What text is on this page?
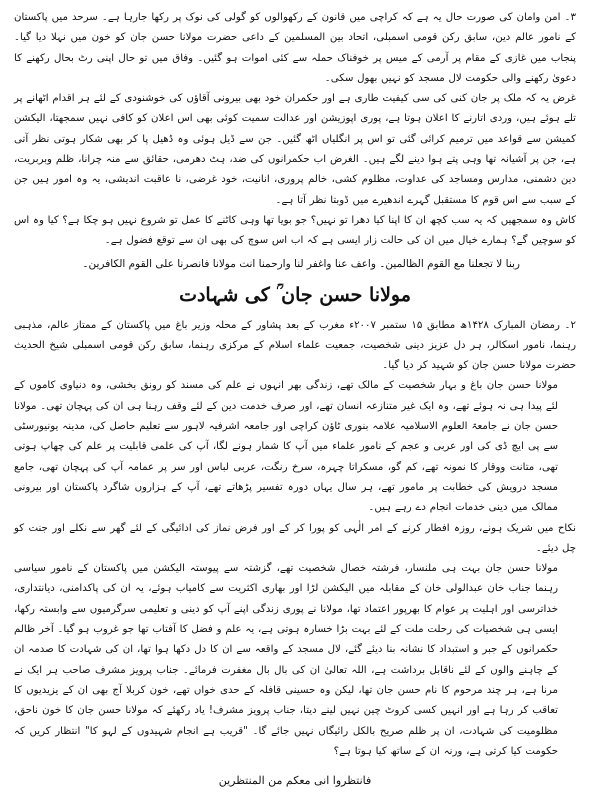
۳۔ امن وامان کی صورت حال یہ ہے کہ کراچی میں قانون کے رکھوالوں کو گولی کی نوک پر رکھا جارہا ہے۔ سرحد میں پاکستان کے نامور عالم دین، سابق رکن قومی اسمبلی، اتحاد بین المسلمین کے داعی حضرت مولانا حسن جان کو خون میں نہلا دیا گیا۔ پنجاب میں غازی کے مقام پر آرمی کے میس پر خوفناک حملہ سے کئی اموات ہو گئیں۔ وفاق میں تو حال اپنی رٹ بحال رکھنے کا دعویٰ رکھنے والی حکومت لال مسجد کو نہیں بھول سکی۔

غرض یہ کہ ملک پر جان کنی کی سی کیفیت طاری ہے اور حکمران خود بھی بیرونی آقاؤں کی خوشنودی کے لئے ہر اقدام اٹھانے پر تلے ہوئے ہیں، وردی اتارنے کا اعلان ہوتا ہے، پوری اپوزیشن اور عدالت سمیت کوئی بھی اس اعلان کو کافی نہیں سمجھتا، الیکشن کمیشن سے قواعد میں ترمیم کرائی گئی تو اس پر انگلیاں اٹھ گئیں۔ جن سے ڈیل ہوئی وہ ڈھیل پا کر بھی شکار ہوتی نظر آتی ہے، جن پر آشیانہ تھا وہی پتے ہوا دینے لگے ہیں۔ الغرض اب حکمرانوں کی ضد، ہٹ دھرمی، حقائق سے منہ چرانا، ظلم وبربریت، دین دشمنی، مدارس ومساجد کی عداوت، مظلوم کشی، خالم پروری، انانیت، خود غرضی، نا عاقبت اندیشی، یہ وہ امور ہیں جن کے سبب سے اس قوم کا مستقبل گہرے اندھیرے میں ڈوبتا نظر آتا ہے۔

کاش وہ سمجھیں کہ یہ سب کچھ ان کا اپنا کیا دھرا تو نہیں؟ جو بویا تھا وہی کاٹنے کا عمل تو شروع نہیں ہو چکا ہے؟ کیا وہ اس کو سوچیں گے؟ ہمارے خیال میں ان کی حالت زار ایسی ہے کہ اب اس سوچ کی بھی ان سے توقع فضول ہے۔

ربنا لا تجعلنا مع القوم الظالمین۔ واعف عنا واغفر لنا وارحمنا انت مولانا فانصرنا علی القوم الکافرین۔

مولانا حسن جان ؒ کی شہادت

۲۔ رمضان المبارک ۱۴۲۸ھ مطابق ۱۵ ستمبر ۲۰۰۷ء مغرب کے بعد پشاور کے محلہ وزیر باغ میں پاکستان کے ممتاز عالم، مذہبی رہنما، نامور اسکالر، ہر دل عزیز دینی شخصیت، جمعیت علماء اسلام کے مرکزی رہنما، سابق رکن قومی اسمبلی شیخ الحدیث حضرت مولانا حسن جان کو شہید کر دیا گیا۔

مولانا حسن جان باغ و بہار شخصیت کے مالک تھے، زندگی بھر انہوں نے علم کی مسند کو رونق بخشی، وہ دنیاوی کاموں کے لئے پیدا ہی نہ ہوئے تھے، وہ ایک غیر متنازعہ انسان تھے، اور صرف خدمت دین کے لئے وقف رہنا ہی ان کی پہچان تھی۔ مولانا حسن جان نے جامعۃ العلوم الاسلامیہ علامہ بنوری ٹاؤن کراچی اور جامعہ اشرفیہ لاہور سے تعلیم حاصل کی، مدینہ یونیورسٹی سے پی ایچ ڈی کی اور عربی و عجم کے نامور علماء میں آپ کا شمار ہونے لگا، آپ کی علمی قابلیت پر علم کی چھاپ ہوتی تھی، متانت ووقار کا نمونہ تھے، کم گو، مسکراتا چہرہ، سرخ رنگت، عربی لباس اور سر پر عمامہ آپ کی پہچان تھی، جامع مسجد درویش کی خطابت پر مامور تھے، ہر سال یہاں دورہ تفسیر پڑھاتے تھے، آپ کے ہزاروں شاگرد پاکستان اور بیرونی ممالک میں دینی خدمات انجام دے رہے ہیں۔

نکاح میں شریک ہونے، روزہ افطار کرنے کے امر الٰہی کو پورا کر کے اور فرض نماز کی ادائیگی کے لئے گھر سے نکلے اور جنت کو چل دیئے۔

مولانا حسن جان بہت ہی ملنسار، فرشتہ خصال شخصیت تھے، گزشتہ سے پیوستہ الیکشن میں پاکستان کے نامور سیاسی رہنما جناب خان عبدالولی خان کے مقابلہ میں الیکشن لڑا اور بھاری اکثریت سے کامیاب ہوئے، یہ ان کی پاکدامنی، دیانتداری، خداترسی اور اہلیت پر عوام کا بھرپور اعتماد تھا، مولانا نے پوری زندگی اپنے آپ کو دینی و تعلیمی سرگرمیوں سے وابستہ رکھا، ایسی ہی شخصیات کی رحلت ملت کے لئے بہت بڑا خسارہ ہوتی ہے، یہ علم و فضل کا آفتاب تھا جو غروب ہو گیا۔ آخر ظالم حکمرانوں کے جبر و استبداد کا نشانہ بنا دیئے گئے، لال مسجد کے واقعہ سے ان کا دل دکھا ہوا تھا، ان کی شہادت کا صدمہ ان کے چاہنے والوں کے لئے ناقابل برداشت ہے، اللہ تعالیٰ ان کی بال بال مغفرت فرمائے۔ جناب پرویز مشرف صاحب ہر ایک نے مرنا ہے، ہر چند مرحوم کا نام حسن جان تھا، لیکن وہ حسینی قافلہ کے حدی خواں تھے، خون کربلا آج بھی ان کے یزیدیوں کا تعاقب کر رہا ہے اور انہیں کسی کروٹ چین نہیں لینے دیتا، جناب پرویز مشرف! یاد رکھئے کہ مولانا حسن جان کا خون ناحق، مظلومیت کی شہادت، ان پر ظلم صریح بالکل رائیگاں نہیں جائے گا۔ "قریب ہے انجام شہیدوں کے لہو کا" انتظار کریں کہ حکومت کیا کرتی ہے، ورنہ ان کے ساتھ کیا ہوتا ہے؟

فانتظروا انی معکم من المنتظرین
